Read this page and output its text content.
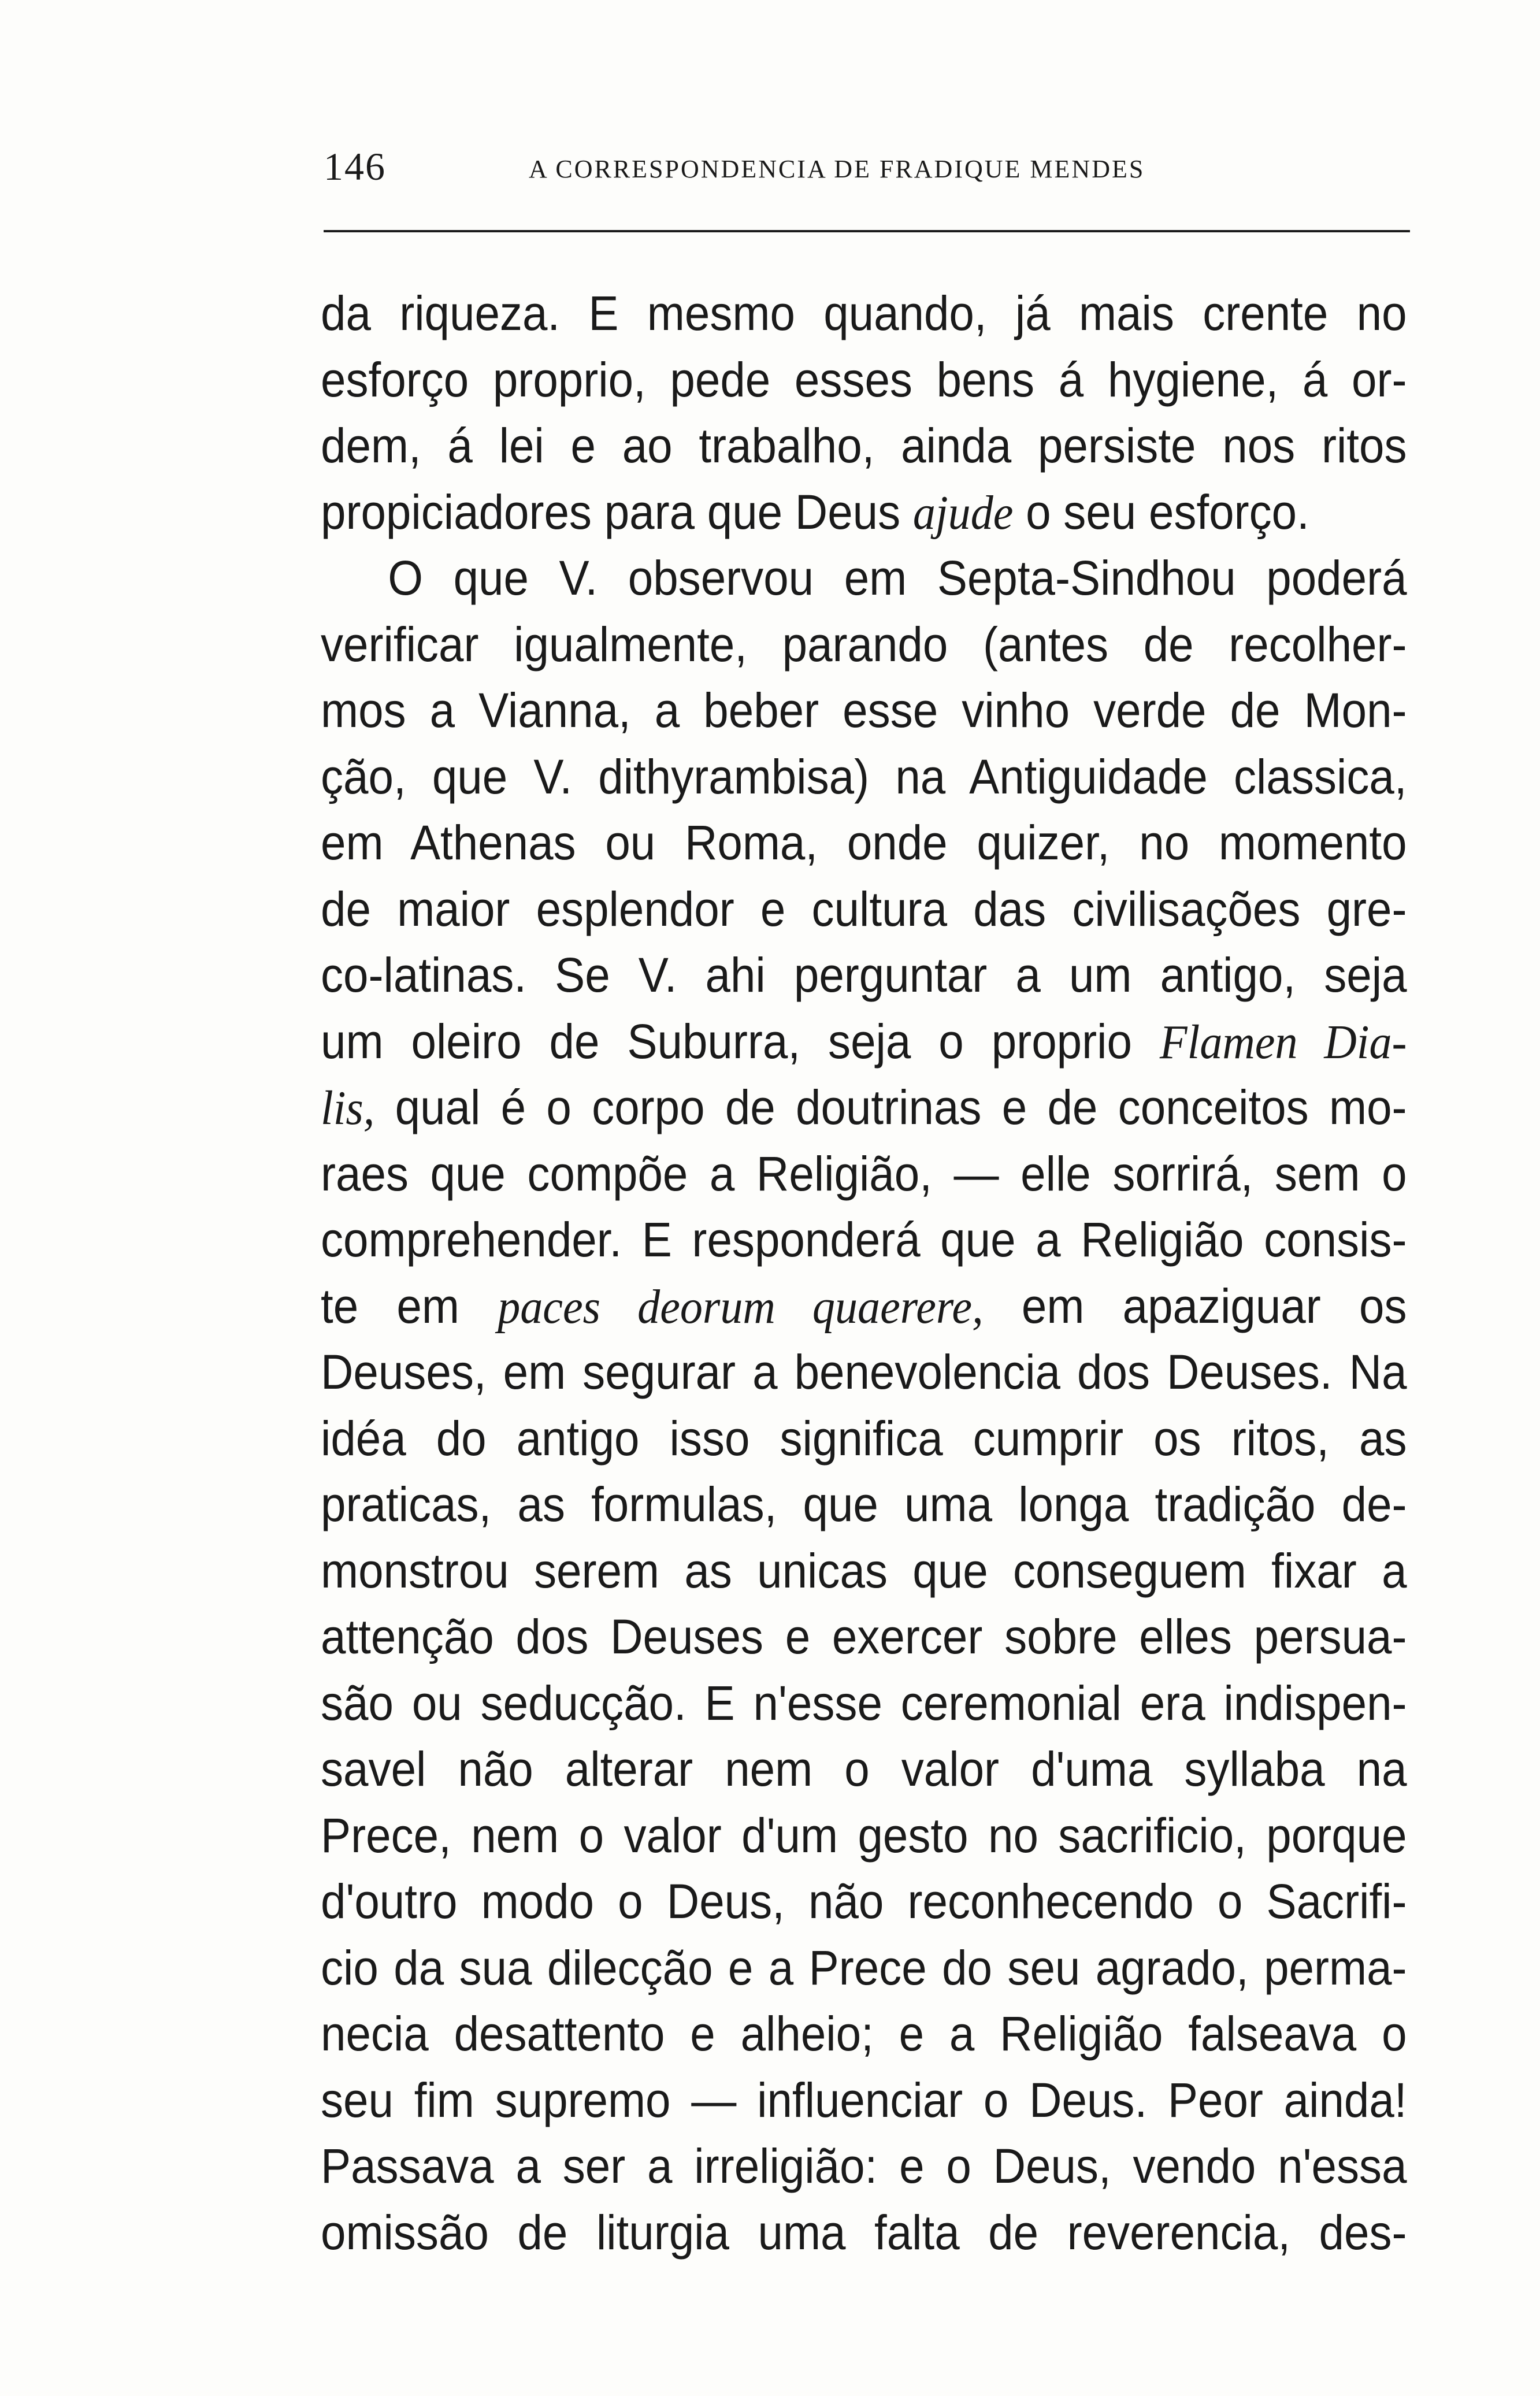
146	A CORRESPONDENCIA DE FRADIQUE MENDES
da riqueza. E mesmo quando, já mais crente no
esforço proprio, pede esses bens á hygiene, á or-
dem, á lei e ao trabalho, ainda persiste nos ritos
propiciadores para que Deus ajude o seu esforço.
O que V. observou em Septa-Sindhou poderá
verificar igualmente, parando (antes de recolher-
mos a Vianna, a beber esse vinho verde de Mon-
ção, que V. dithyrambisa) na Antiguidade classica,
em Athenas ou Roma, onde quizer, no momento
de maior esplendor e cultura das civilisações gre-
co-latinas. Se V. ahi perguntar a um antigo, seja
um oleiro de Suburra, seja o proprio Flamen Dia-
lis, qual é o corpo de doutrinas e de conceitos mo-
raes que compõe a Religião, — elle sorrirá, sem o
comprehender. E responderá que a Religião consis-
te em paces deorum quaerere, em apaziguar os
Deuses, em segurar a benevolencia dos Deuses. Na
idéa do antigo isso significa cumprir os ritos, as
praticas, as formulas, que uma longa tradição de-
monstrou serem as unicas que conseguem fixar a
attenção dos Deuses e exercer sobre elles persua-
são ou seducção. E n'esse ceremonial era indispen-
savel não alterar nem o valor d'uma syllaba na
Prece, nem o valor d'um gesto no sacrificio, porque
d'outro modo o Deus, não reconhecendo o Sacrifi-
cio da sua dilecção e a Prece do seu agrado, perma-
necia desattento e alheio; e a Religião falseava o
seu fim supremo — influenciar o Deus. Peor ainda!
Passava a ser a irreligião: e o Deus, vendo n'essa
omissão de liturgia uma falta de reverencia, des-
